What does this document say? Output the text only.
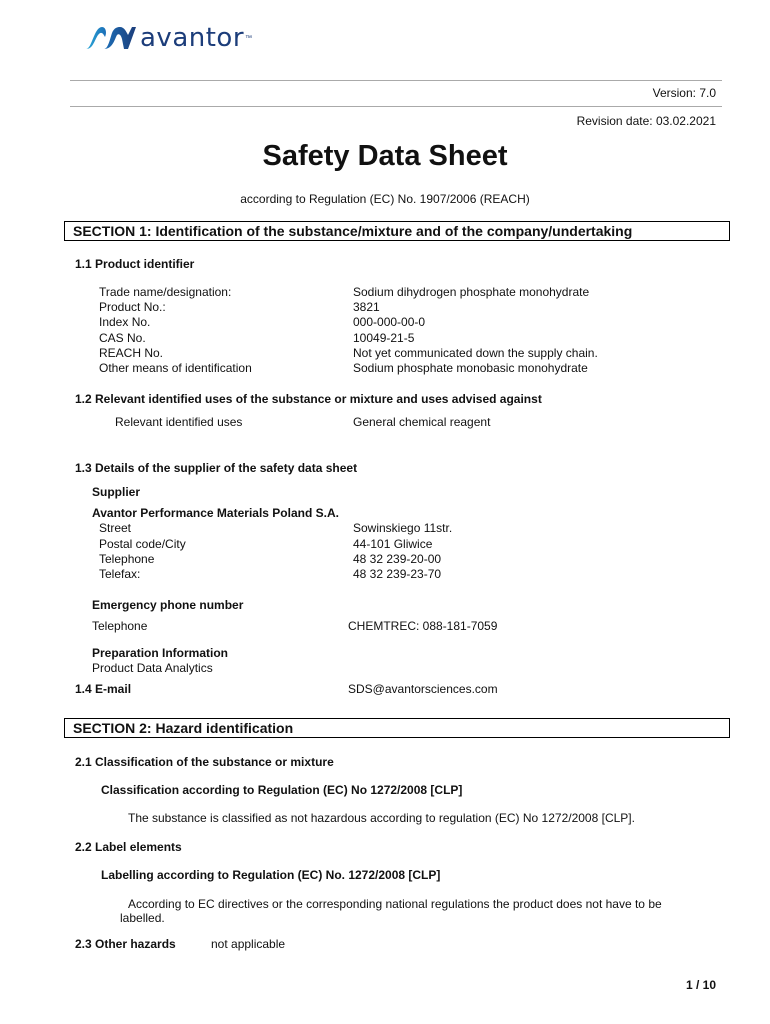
avantor ™
Version: 7.0
Revision date: 03.02.2021
Safety Data Sheet
according to Regulation (EC) No. 1907/2006 (REACH)
SECTION 1: Identification of the substance/mixture and of the company/undertaking
1.1 Product identifier
Trade name/designation:	Sodium dihydrogen phosphate monohydrate
Product No.:	3821
Index No.	000-000-00-0
CAS No.	10049-21-5
REACH No.	Not yet communicated down the supply chain.
Other means of identification	Sodium phosphate monobasic monohydrate
1.2 Relevant identified uses of the substance or mixture and uses advised against
Relevant identified uses	General chemical reagent
1.3 Details of the supplier of the safety data sheet
Supplier
Avantor Performance Materials Poland S.A.
Street	Sowinskiego 11str.
Postal code/City	44-101 Gliwice
Telephone	48 32 239-20-00
Telefax:	48 32 239-23-70
Emergency phone number
Telephone	CHEMTREC: 088-181-7059
Preparation Information
Product Data Analytics
1.4 E-mail	SDS@avantorsciences.com
SECTION 2: Hazard identification
2.1 Classification of the substance or mixture
Classification according to Regulation (EC) No 1272/2008 [CLP]
The substance is classified as not hazardous according to regulation (EC) No 1272/2008 [CLP].
2.2 Label elements
Labelling according to Regulation (EC) No. 1272/2008 [CLP]
According to EC directives or the corresponding national regulations the product does not have to be
labelled.
2.3 Other hazards	not applicable
1 / 10
